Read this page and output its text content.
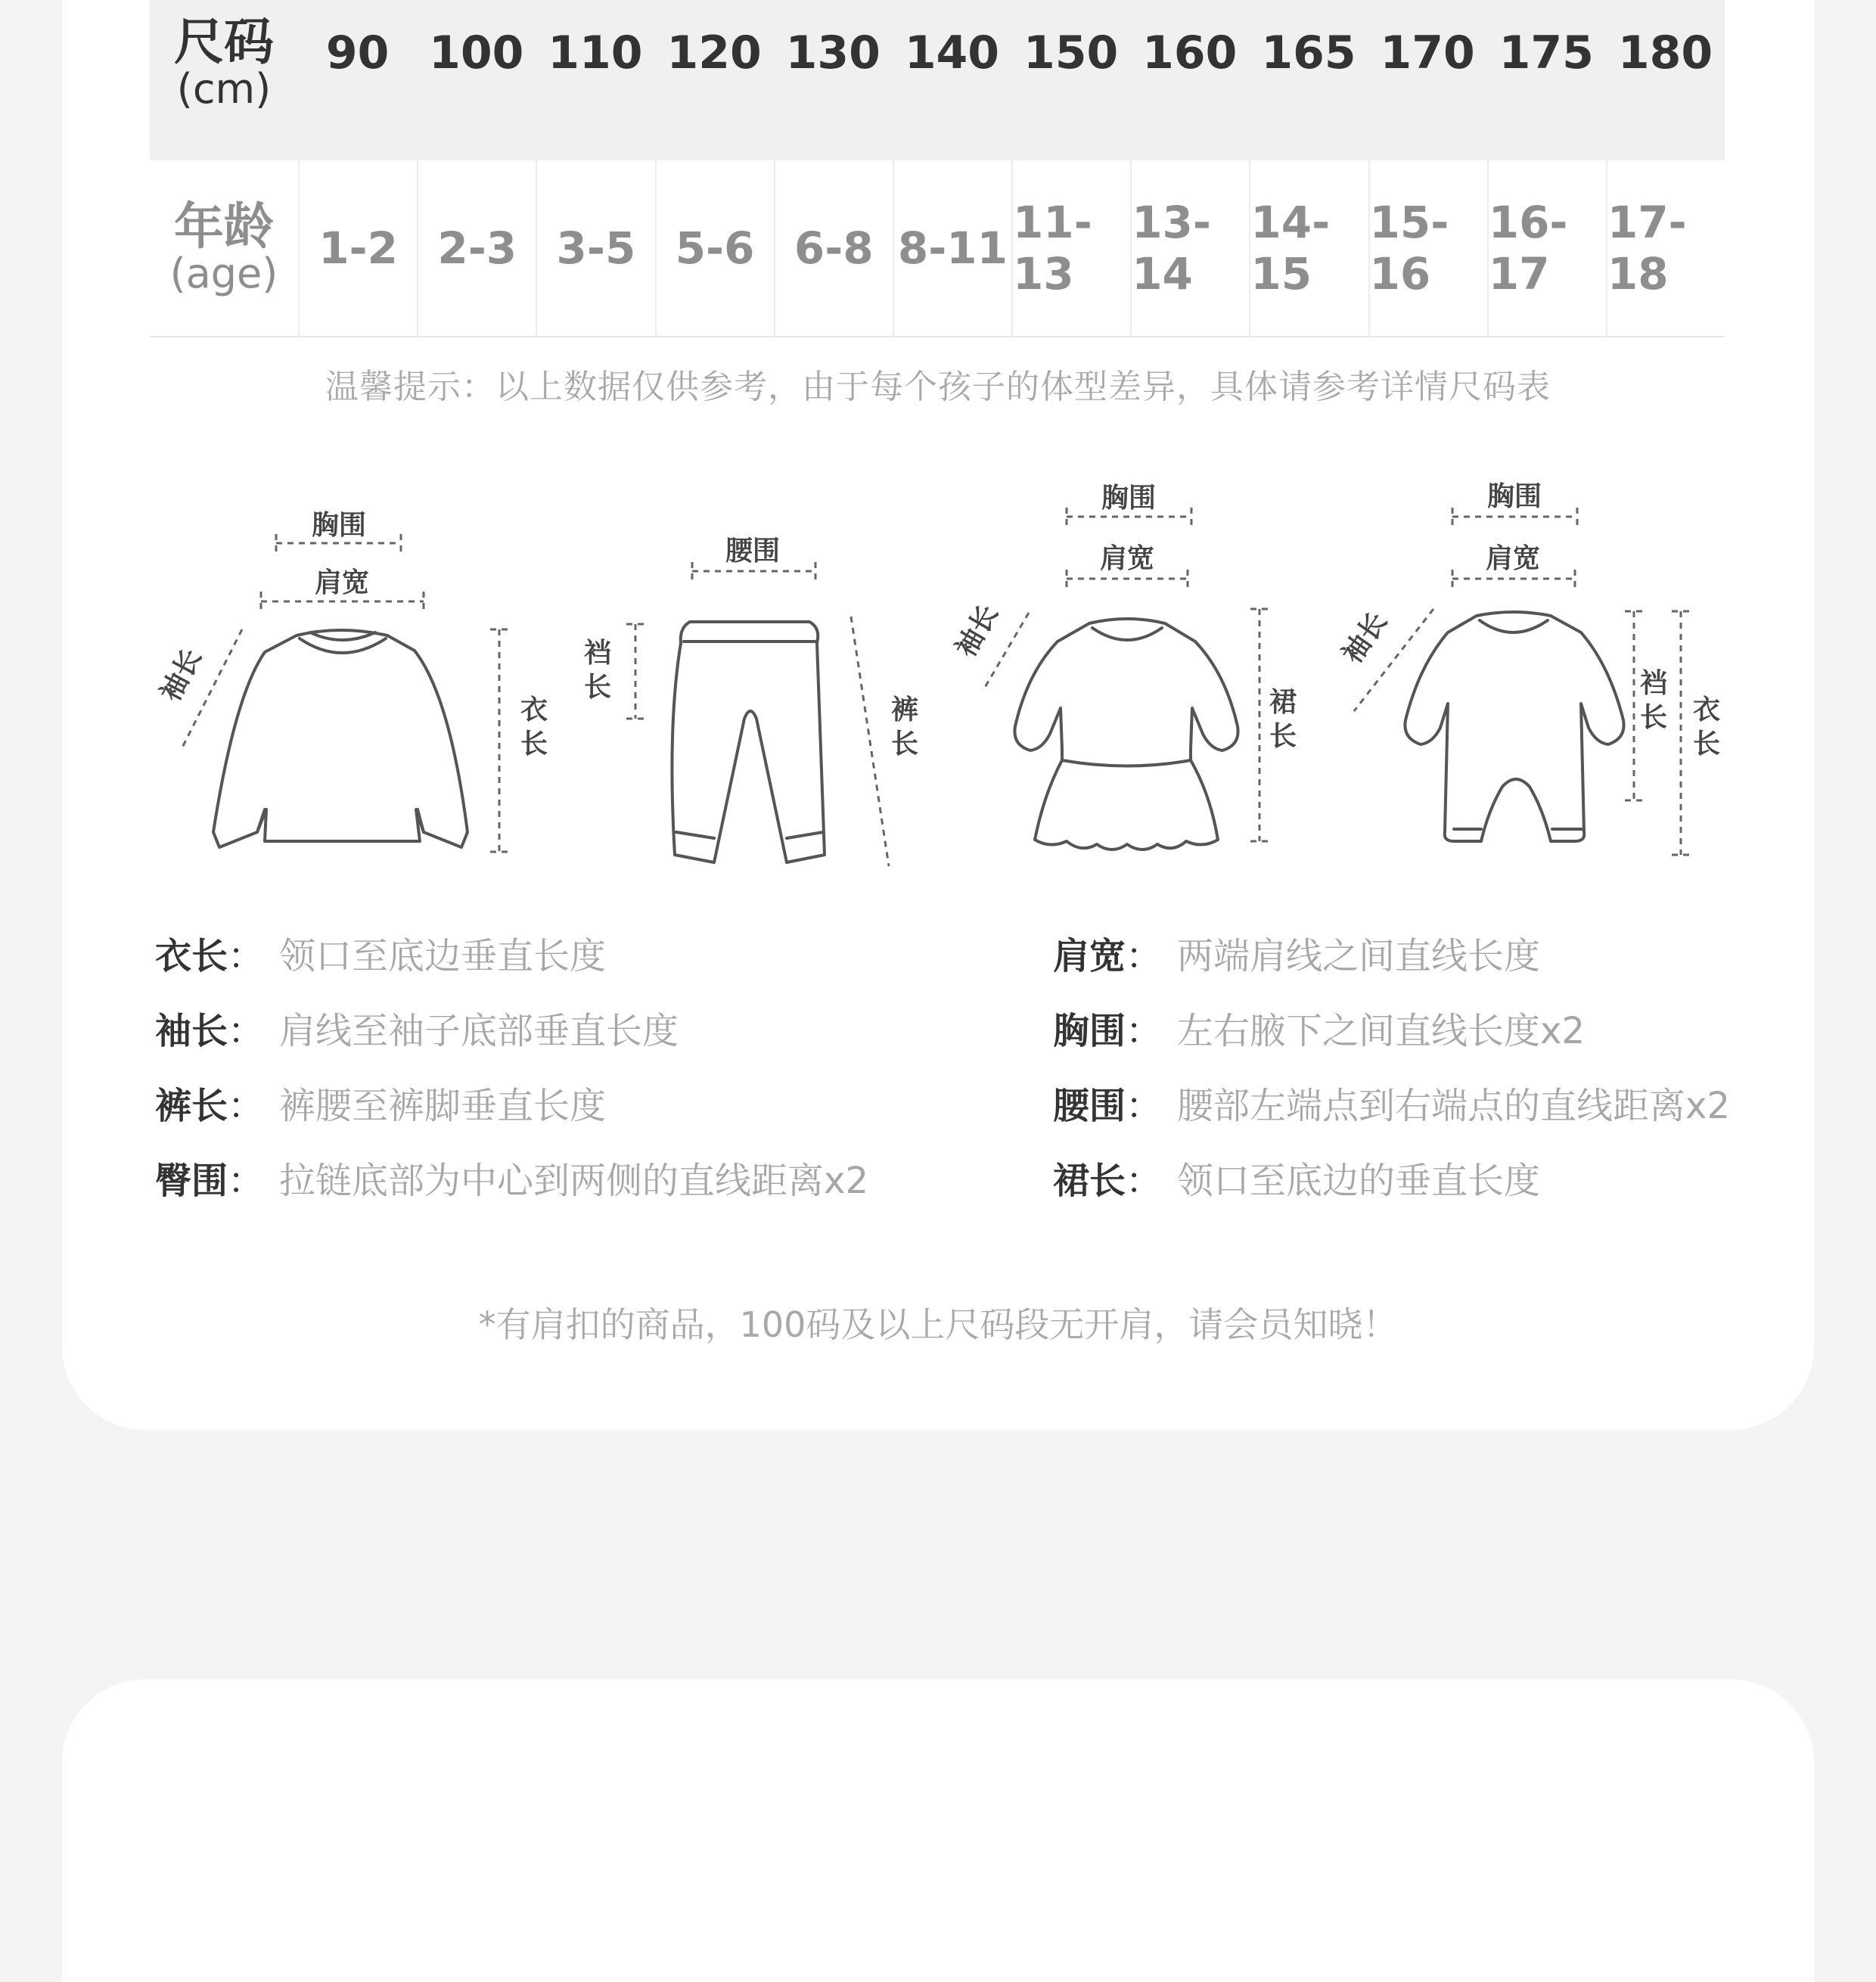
尺码
(cm)
90 100 110 120 130 140 150 160 165 170 175 180
年龄
(age) 1-2 2-3 3-5 5-6 6-8 8-11 11-13
13-14
14-15
15-16
16-17
17-18
温馨提示：以上数据仅供参考，由于每个孩子的体型差异，具体请参考详情尺码表
胸围
肩宽
袖长
衣
长
腰围
裆
长
裤
长
胸围
肩宽
袖长
裙
长
胸围
肩宽
袖长
裆
长 衣
长
衣长： 领口至底边垂直长度
袖长： 肩线至袖子底部垂直长度
裤长： 裤腰至裤脚垂直长度
臀围： 拉链底部为中心到两侧的直线距离x2
肩宽： 两端肩线之间直线长度
胸围： 左右腋下之间直线长度x2
腰围： 腰部左端点到右端点的直线距离x2
裙长： 领口至底边的垂直长度
*有肩扣的商品，100码及以上尺码段无开肩，请会员知晓！
